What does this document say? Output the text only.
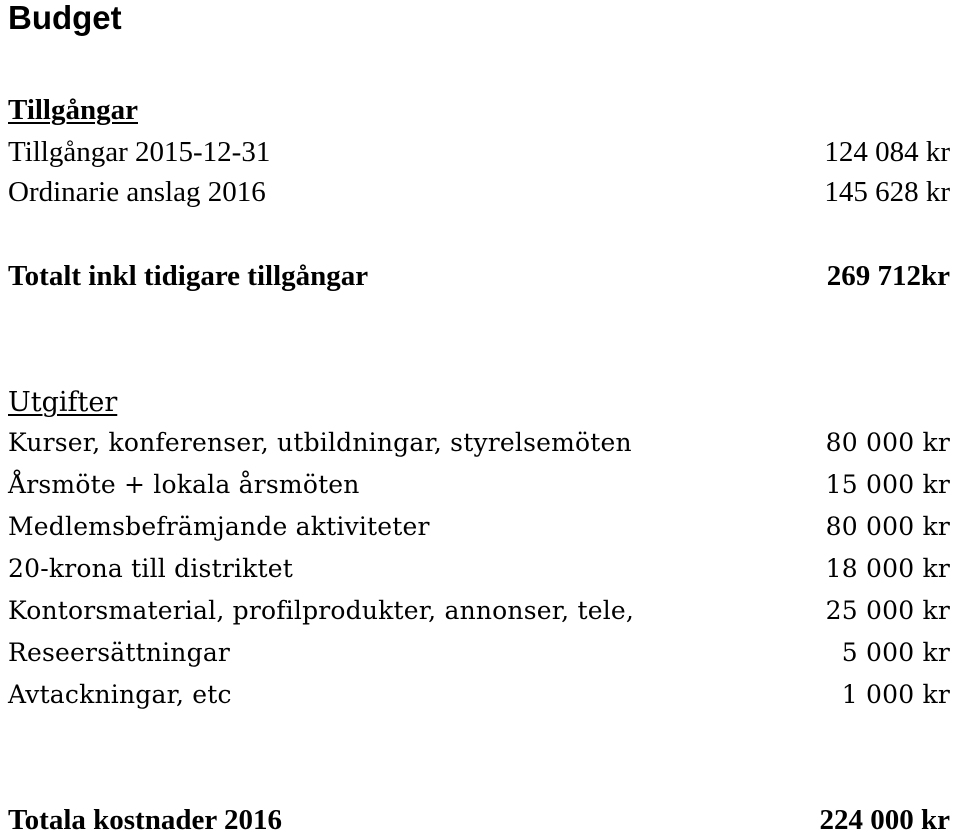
Budget
Tillgångar
Tillgångar 2015-12-31	124 084 kr
Ordinarie anslag 2016	145 628 kr
Totalt inkl tidigare tillgångar	269 712kr
Utgifter
Kurser, konferenser, utbildningar, styrelsemöten	80 000 kr
Årsmöte + lokala årsmöten	15 000 kr
Medlemsbefrämjande aktiviteter	80 000 kr
20-krona till distriktet	18 000 kr
Kontorsmaterial, profilprodukter, annonser, tele,	25 000 kr
Reseersättningar	5 000 kr
Avtackningar, etc	1 000 kr
Totala kostnader 2016	224 000 kr
